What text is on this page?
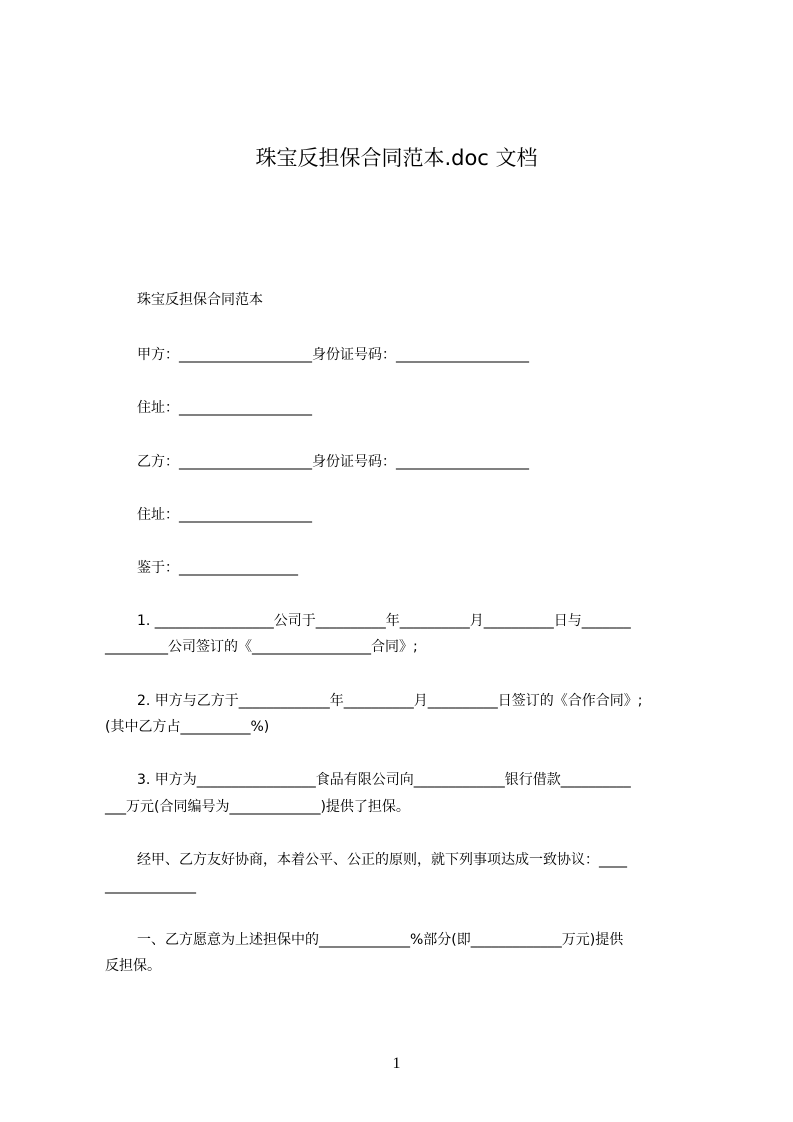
珠宝反担保合同范本.doc 文档
珠宝反担保合同范本
甲方：___________________身份证号码：___________________
住址：___________________
乙方：___________________身份证号码：___________________
住址：___________________
鉴于：_________________
1. _________________公司于__________年__________月__________日与_______
_________公司签订的《_________________合同》;
2. 甲方与乙方于_____________年__________月__________日签订的《合作合同》;
(其中乙方占__________%)
3. 甲方为_________________食品有限公司向_____________银行借款__________
___万元(合同编号为_____________)提供了担保。
经甲、乙方友好协商，本着公平、公正的原则，就下列事项达成一致协议：____
_____________
一、乙方愿意为上述担保中的_____________%部分(即_____________万元)提供
反担保。
1
